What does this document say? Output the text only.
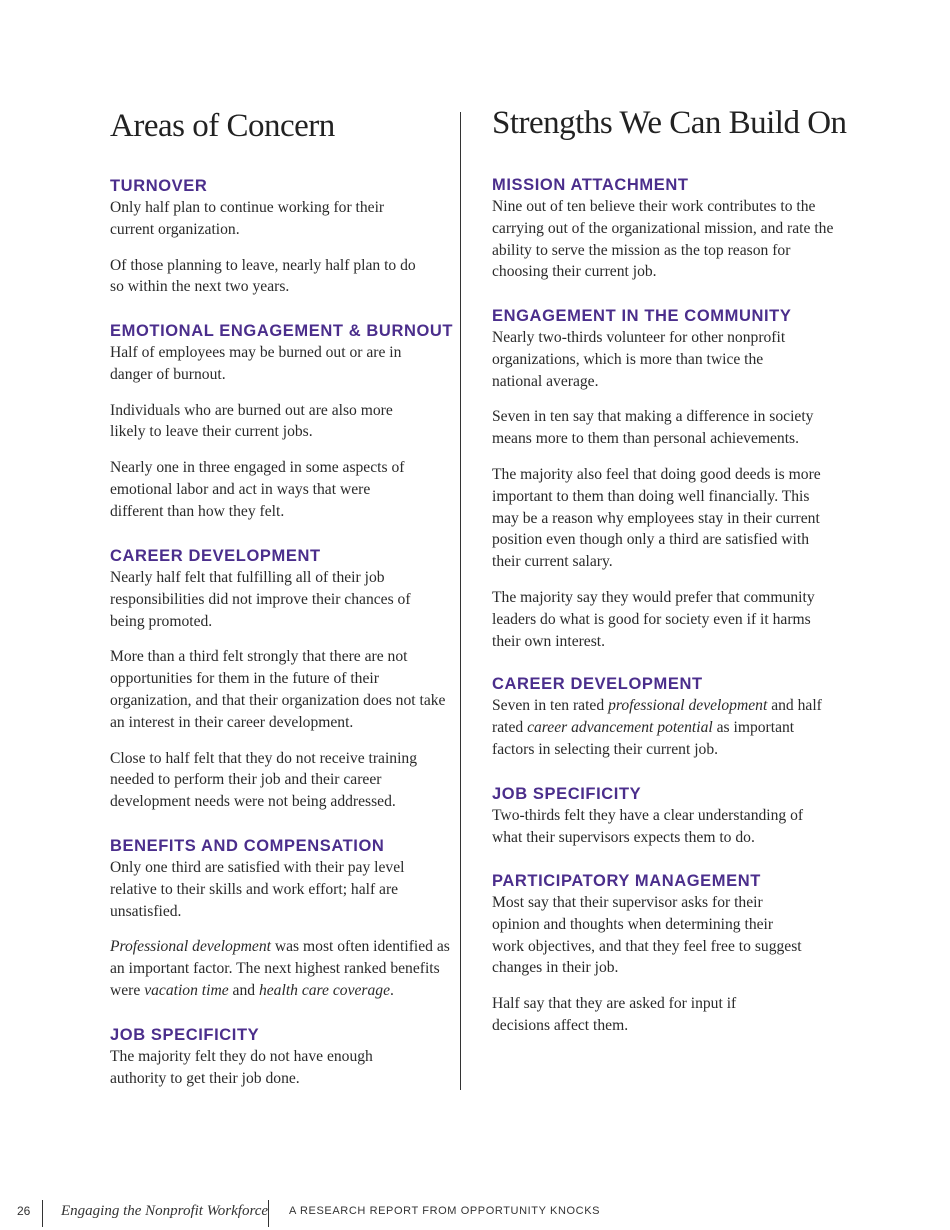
Areas of Concern
TURNOVER

Only half plan to continue working for their current organization.

Of those planning to leave, nearly half plan to do so within the next two years.

EMOTIONAL ENGAGEMENT & BURNOUT

Half of employees may be burned out or are in danger of burnout.

Individuals who are burned out are also more likely to leave their current jobs.

Nearly one in three engaged in some aspects of emotional labor and act in ways that were different than how they felt.

CAREER DEVELOPMENT

Nearly half felt that fulfilling all of their job responsibilities did not improve their chances of being promoted.

More than a third felt strongly that there are not opportunities for them in the future of their organization, and that their organization does not take an interest in their career development.

Close to half felt that they do not receive training needed to perform their job and their career development needs were not being addressed.

BENEFITS AND COMPENSATION

Only one third are satisfied with their pay level relative to their skills and work effort; half are unsatisfied.

Professional development was most often identified as an important factor. The next highest ranked benefits were vacation time and health care coverage.

JOB SPECIFICITY

The majority felt they do not have enough authority to get their job done.

Strengths We Can Build On
MISSION ATTACHMENT

Nine out of ten believe their work contributes to the carrying out of the organizational mission, and rate the ability to serve the mission as the top reason for choosing their current job.

ENGAGEMENT IN THE COMMUNITY

Nearly two-thirds volunteer for other nonprofit organizations, which is more than twice the national average.

Seven in ten say that making a difference in society means more to them than personal achievements.

The majority also feel that doing good deeds is more important to them than doing well financially. This may be a reason why employees stay in their current position even though only a third are satisfied with their current salary.

The majority say they would prefer that community leaders do what is good for society even if it harms their own interest.

CAREER DEVELOPMENT

Seven in ten rated professional development and half rated career advancement potential as important factors in selecting their current job.

JOB SPECIFICITY

Two-thirds felt they have a clear understanding of what their supervisors expects them to do.

PARTICIPATORY MANAGEMENT

Most say that their supervisor asks for their opinion and thoughts when determining their work objectives, and that they feel free to suggest changes in their job.

Half say that they are asked for input if decisions affect them.

26 Engaging the Nonprofit Workforce A RESEARCH REPORT FROM OPPORTUNITY KNOCKS
